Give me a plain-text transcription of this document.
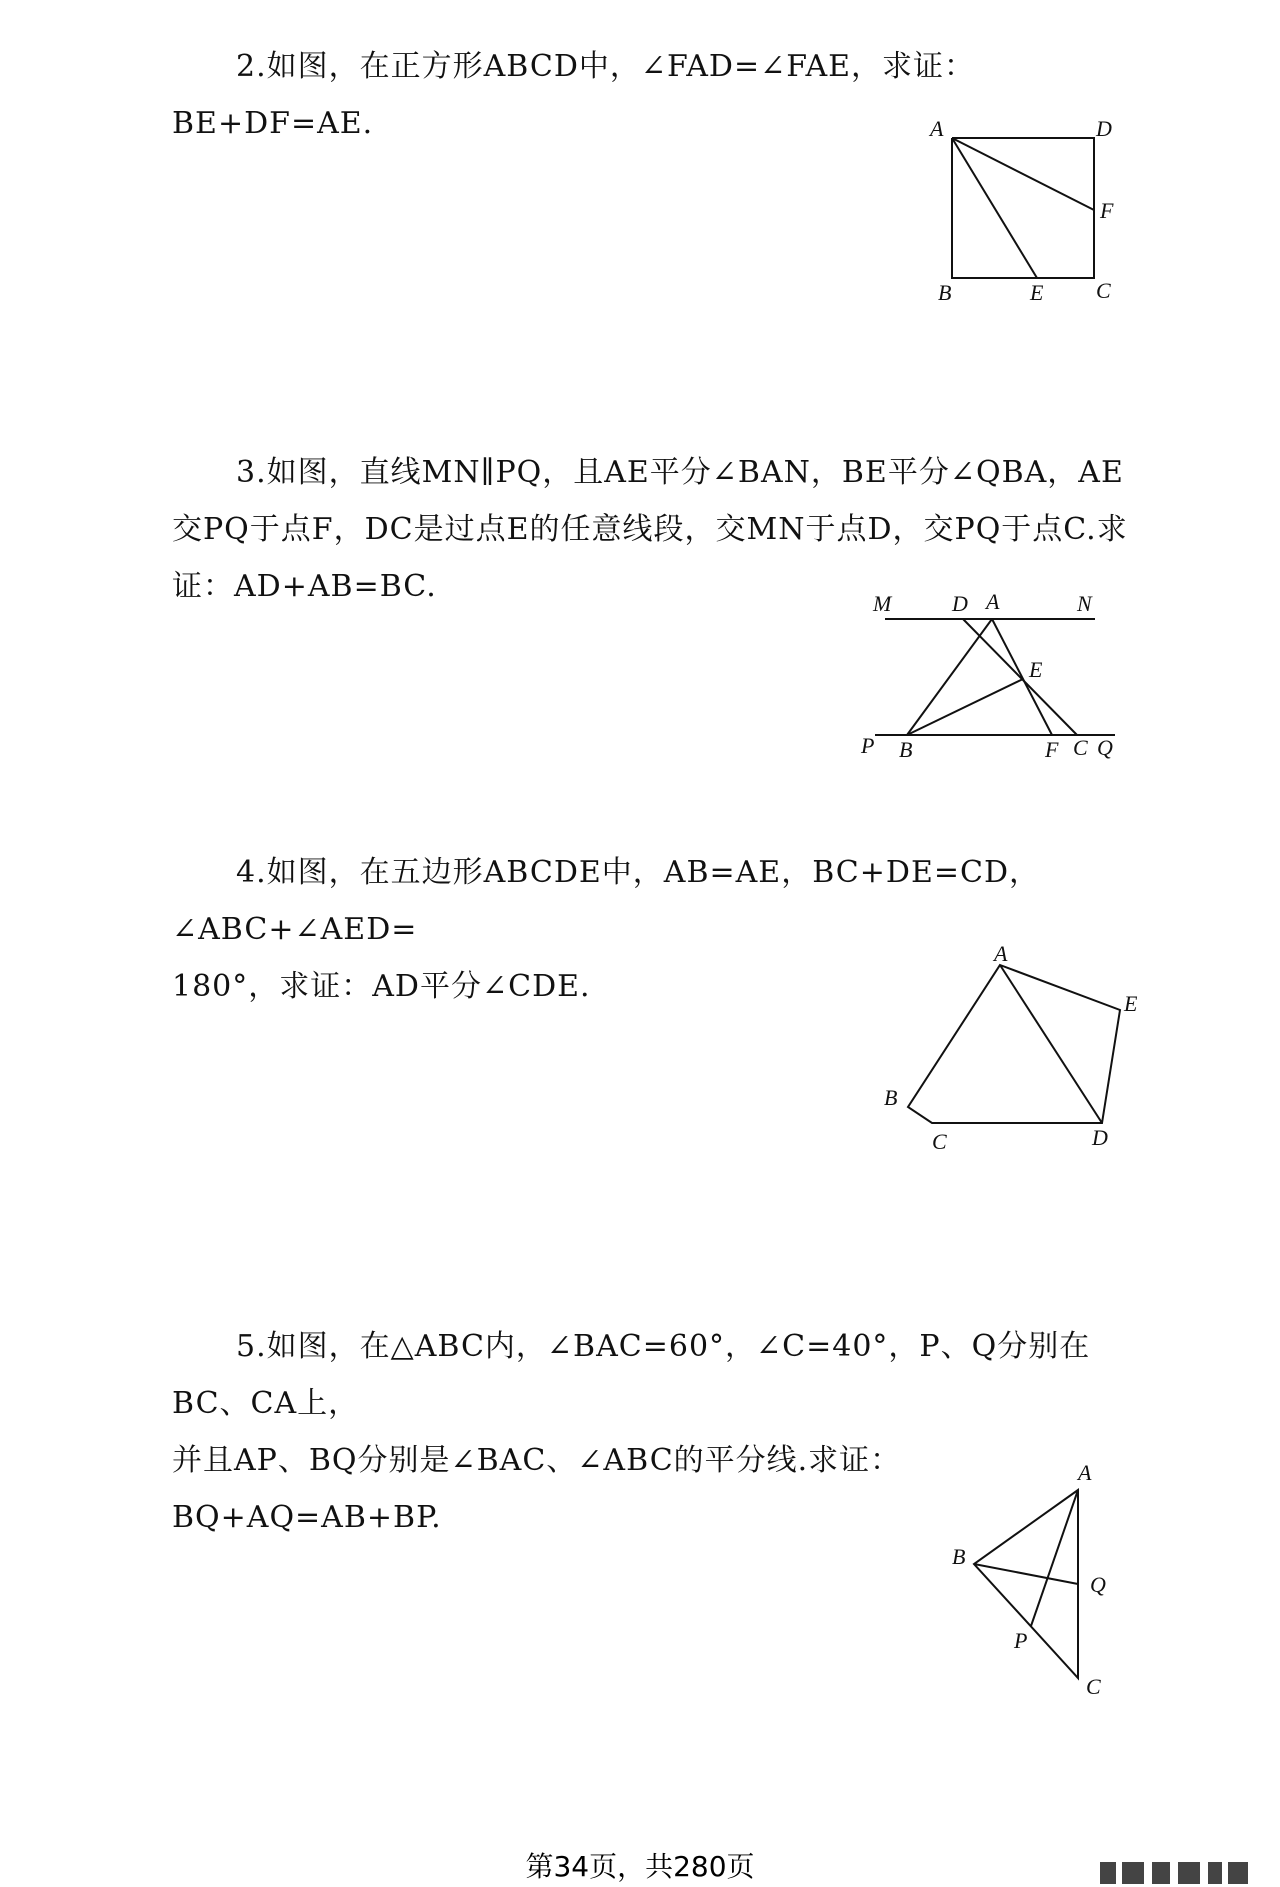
2.如图，在正方形ABCD中，∠FAD=∠FAE，求证：BE+DF=AE.	A	D
F
B	E C
3.如图，直线MN∥PQ，且AE平分∠BAN，BE平分∠QBA，AE
交PQ于点F，DC是过点E的任意线段，交MN于点D，交PQ于点C.求
证：AD+AB=BC.	M	D A	N
E
P B	F C Q
4.如图，在五边形ABCDE中，AB=AE，BC+DE=CD，∠ABC+∠AED=
180°，求证：AD平分∠CDE.
A
E
B
C	D
5.如图，在△ABC内，∠BAC=60°，∠C=40°，P、Q分别在BC、CA上，
并且AP、BQ分别是∠BAC、∠ABC的平分线.求证：BQ+AQ=AB+BP.
A
B
Q
P
C
第34页，共280页
